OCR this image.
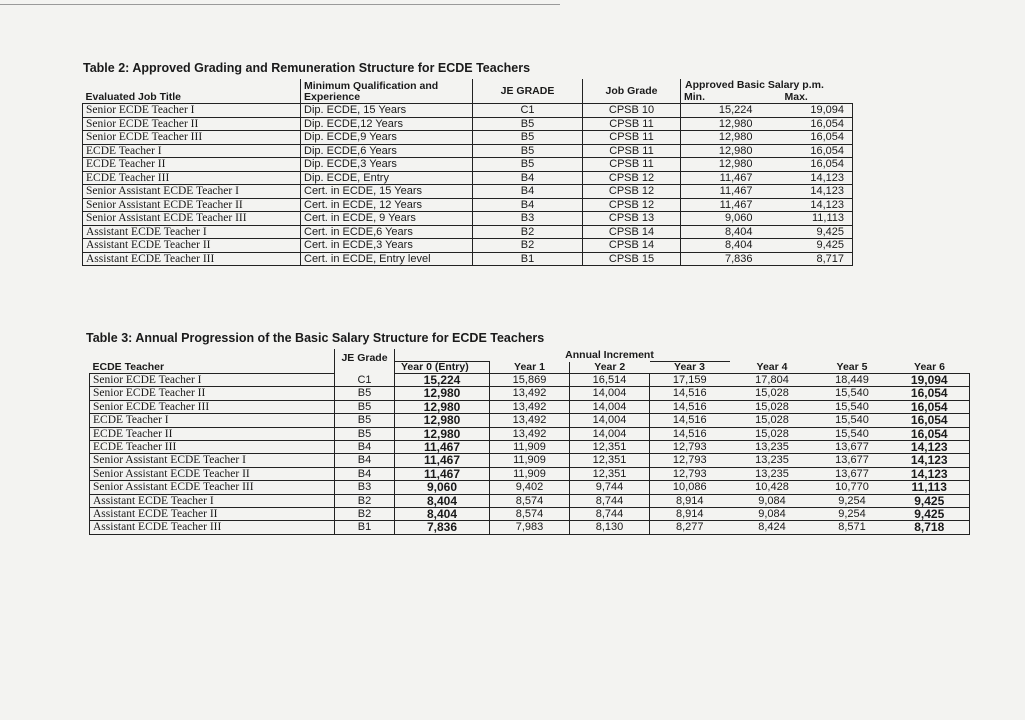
Table 2: Approved Grading and Remuneration Structure for ECDE Teachers
Evaluated Job Title	Minimum Qualification and Experience	JE GRADE	Job Grade	Approved Basic Salary p.m.	
				Min.	Max.
Senior ECDE Teacher I	Dip. ECDE, 15 Years	C1	CPSB 10	15,224	19,094
Senior ECDE Teacher II	Dip. ECDE,12 Years	B5	CPSB 11	12,980	16,054
Senior ECDE Teacher III	Dip. ECDE,9 Years	B5	CPSB 11	12,980	16,054
ECDE Teacher I	Dip. ECDE,6 Years	B5	CPSB 11	12,980	16,054
ECDE Teacher II	Dip. ECDE,3 Years	B5	CPSB 11	12,980	16,054
ECDE Teacher III	Dip. ECDE, Entry	B4	CPSB 12	11,467	14,123
Senior Assistant ECDE Teacher I	Cert. in ECDE, 15 Years	B4	CPSB 12	11,467	14,123
Senior Assistant ECDE Teacher II	Cert. in ECDE, 12 Years	B4	CPSB 12	11,467	14,123
Senior Assistant ECDE Teacher III	Cert. in ECDE, 9 Years	B3	CPSB 13	9,060	11,113
Assistant ECDE Teacher I	Cert. in ECDE,6 Years	B2	CPSB 14	8,404	9,425
Assistant ECDE Teacher II	Cert. in ECDE,3 Years	B2	CPSB 14	8,404	9,425
Assistant ECDE Teacher III	Cert. in ECDE, Entry level	B1	CPSB 15	7,836	8,717
Table 3: Annual Progression of the Basic Salary Structure for ECDE Teachers
	JE Grade		Annual Increment					
ECDE Teacher		Year 0 (Entry)	Year 1	Year 2	Year 3	Year 4	Year 5	Year 6
Senior ECDE Teacher I	C1	15,224	15,869	16,514	17,159	17,804	18,449	19,094
Senior ECDE Teacher II	B5	12,980	13,492	14,004	14,516	15,028	15,540	16,054
Senior ECDE Teacher III	B5	12,980	13,492	14,004	14,516	15,028	15,540	16,054
ECDE Teacher I	B5	12,980	13,492	14,004	14,516	15,028	15,540	16,054
ECDE Teacher II	B5	12,980	13,492	14,004	14,516	15,028	15,540	16,054
ECDE Teacher III	B4	11,467	11,909	12,351	12,793	13,235	13,677	14,123
Senior Assistant ECDE Teacher I	B4	11,467	11,909	12,351	12,793	13,235	13,677	14,123
Senior Assistant ECDE Teacher II	B4	11,467	11,909	12,351	12,793	13,235	13,677	14,123
Senior Assistant ECDE Teacher III	B3	9,060	9,402	9,744	10,086	10,428	10,770	11,113
Assistant ECDE Teacher I	B2	8,404	8,574	8,744	8,914	9,084	9,254	9,425
Assistant ECDE Teacher II	B2	8,404	8,574	8,744	8,914	9,084	9,254	9,425
Assistant ECDE Teacher III	B1	7,836	7,983	8,130	8,277	8,424	8,571	8,718
